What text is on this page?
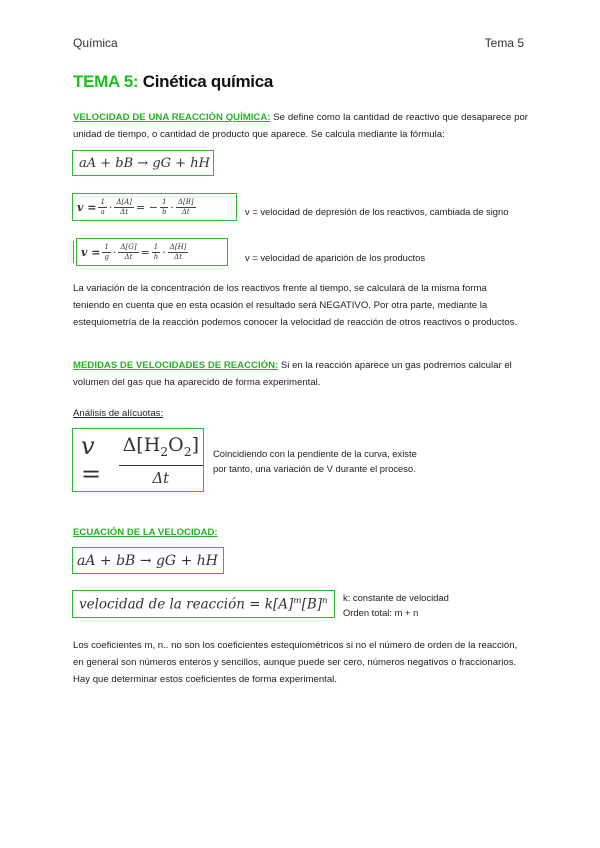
Química	Tema 5
TEMA 5: Cinética química
VELOCIDAD DE UNA REACCIÓN QUÍMICA: Se define como la cantidad de reactivo que desaparece por unidad de tiempo, o cantidad de producto que aparece. Se calcula mediante la fórmula:
aA + bB → gG + hH
$v = \frac{1}{a} \cdot \frac{\Delta[A]}{\Delta t}$ = − $\frac{1}{b} \cdot \frac{\Delta[B]}{\Delta t}$	v = velocidad de depresión de los reactivos, cambiada de signo
$v = \frac{1}{g} \cdot \frac{\Delta[G]}{\Delta t} = \frac{1}{h} \cdot \frac{\Delta[H]}{\Delta t}$	v = velocidad de aparición de los productos
La variación de la concentración de los reactivos frente al tiempo, se calculará de la misma forma teniendo en cuenta que en esta ocasión el resultado será NEGATIVO. Por otra parte, mediante la estequiometría de la reacción podemos conocer la velocidad de reacción de otros reactivos o productos.
MEDIDAS DE VELOCIDADES DE REACCIÓN: Si en la reacción aparece un gas podremos calcular el volumen del gas que ha aparecido de forma experimental.
Análisis de alícuotas:
v =
$\Delta[H_2O_2]$
Δt
Coincidiendo con la pendiente de la curva, existe
por tanto, una variación de V durante el proceso.
ECUACIÓN DE LA VELOCIDAD:
aA + bB → gG + hH
velocidad de la reacción = $k[A]^m[B]^n$ k: constante de velocidad
Orden total: m + n
Los coeficientes m, n.. no son los coeficientes estequiométricos si no el número de orden de la reacción, en general son números enteros y sencillos, aunque puede ser cero, números negativos o fraccionarios. Hay que determinar estos coeficientes de forma experimental.
